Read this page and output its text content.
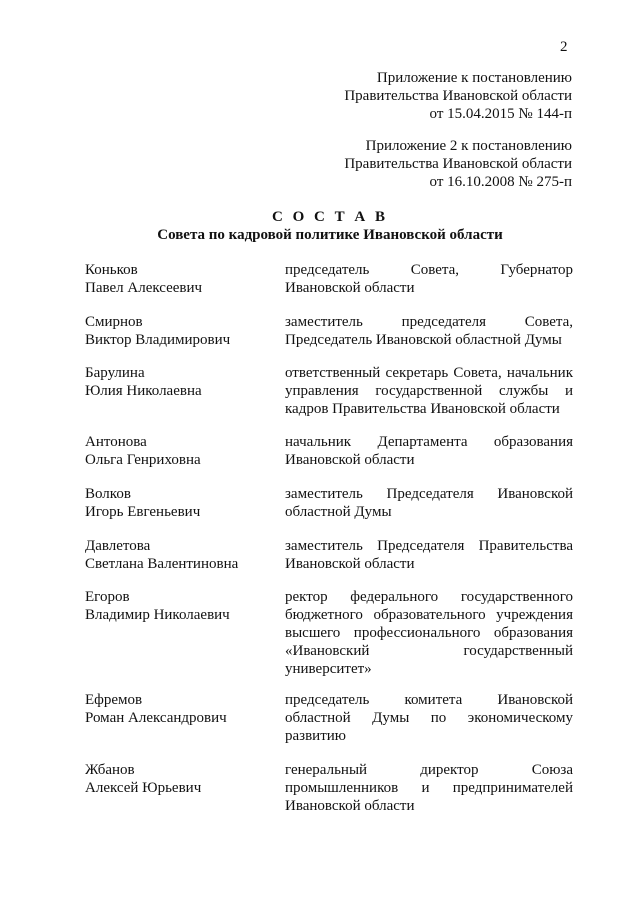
2
Приложение к постановлению
Правительства Ивановской области
от 15.04.2015 № 144-п
Приложение 2 к постановлению
Правительства Ивановской области
от 16.10.2008 № 275-п
С О С Т А В
Совета по кадровой политике Ивановской области
Коньков
Павел Алексеевич
председатель Совета, Губернатор
Ивановской области
Смирнов
Виктор Владимирович
заместитель председателя Совета,
Председатель Ивановской областной Думы
Барулина
Юлия Николаевна
ответственный секретарь Совета, начальник
управления государственной службы и
кадров Правительства Ивановской области
Антонова
Ольга Генриховна
начальник Департамента образования
Ивановской области
Волков
Игорь Евгеньевич
заместитель Председателя Ивановской
областной Думы
Давлетова
Светлана Валентиновна
заместитель Председателя Правительства
Ивановской области
Егоров
Владимир Николаевич
ректор федерального государственного
бюджетного образовательного учреждения
высшего профессионального образования
«Ивановский государственный
университет»
Ефремов
Роман Александрович
председатель комитета Ивановской
областной Думы по экономическому
развитию
Жбанов
Алексей Юрьевич
генеральный директор Союза
промышленников и предпринимателей
Ивановской области
